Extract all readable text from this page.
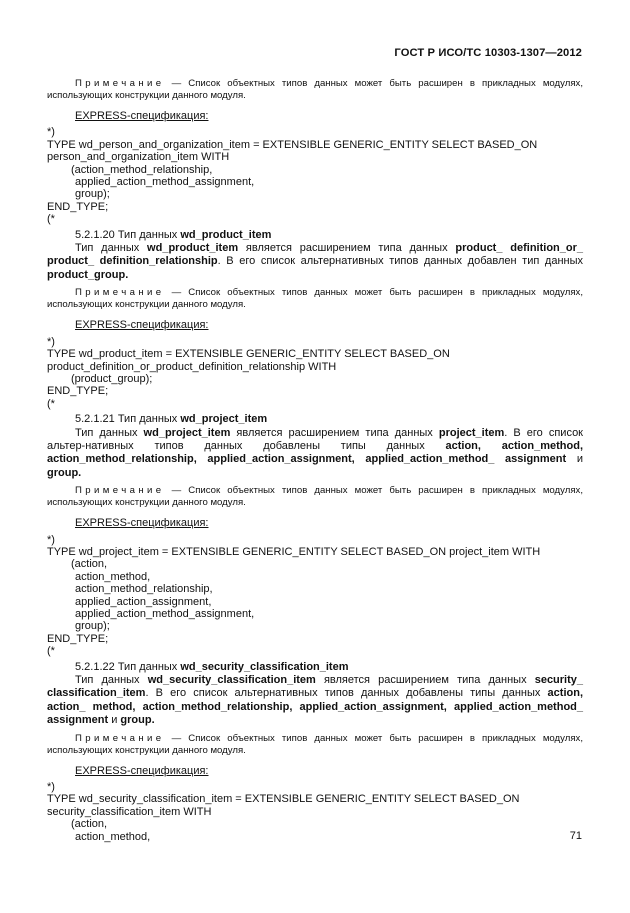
ГОСТ Р ИСО/ТС 10303-1307—2012

Примечание — Список объектных типов данных может быть расширен в прикладных модулях, использующих конструкции данного модуля.

EXPRESS-спецификация:

*)

TYPE wd_person_and_organization_item = EXTENSIBLE GENERIC_ENTITY SELECT BASED_ON

person_and_organization_item WITH

(action_method_relationship,

applied_action_method_assignment,

group);

END_TYPE;

(*

5.2.1.20 Тип данных wd_product_item

Тип данных wd_product_item является расширением типа данных product_ definition_or_ product_ definition_relationship. В его список альтернативных типов данных добавлен тип данных product_group.

Примечание — Список объектных типов данных может быть расширен в прикладных модулях, использующих конструкции данного модуля.

EXPRESS-спецификация:

*)

TYPE wd_product_item = EXTENSIBLE GENERIC_ENTITY SELECT BASED_ON

product_definition_or_product_definition_relationship WITH

(product_group);

END_TYPE;

(*

5.2.1.21 Тип данных wd_project_item

Тип данных wd_project_item является расширением типа данных project_item. В его список альтер-нативных типов данных добавлены типы данных action, action_method, action_method_relationship, applied_action_assignment, applied_action_method_ assignment и group.

Примечание — Список объектных типов данных может быть расширен в прикладных модулях, использующих конструкции данного модуля.

EXPRESS-спецификация:

*)

TYPE wd_project_item = EXTENSIBLE GENERIC_ENTITY SELECT BASED_ON project_item WITH

(action,

action_method,

action_method_relationship,

applied_action_assignment,

applied_action_method_assignment,

group);

END_TYPE;

(*

5.2.1.22 Тип данных wd_security_classification_item

Тип данных wd_security_classification_item является расширением типа данных security_ classification_item. В его список альтернативных типов данных добавлены типы данных action, action_ method, action_method_relationship, applied_action_assignment, applied_action_method_ assignment и group.

Примечание — Список объектных типов данных может быть расширен в прикладных модулях, использующих конструкции данного модуля.

EXPRESS-спецификация:

*)

TYPE wd_security_classification_item = EXTENSIBLE GENERIC_ENTITY SELECT BASED_ON

security_classification_item WITH

(action,

action_method,	71
